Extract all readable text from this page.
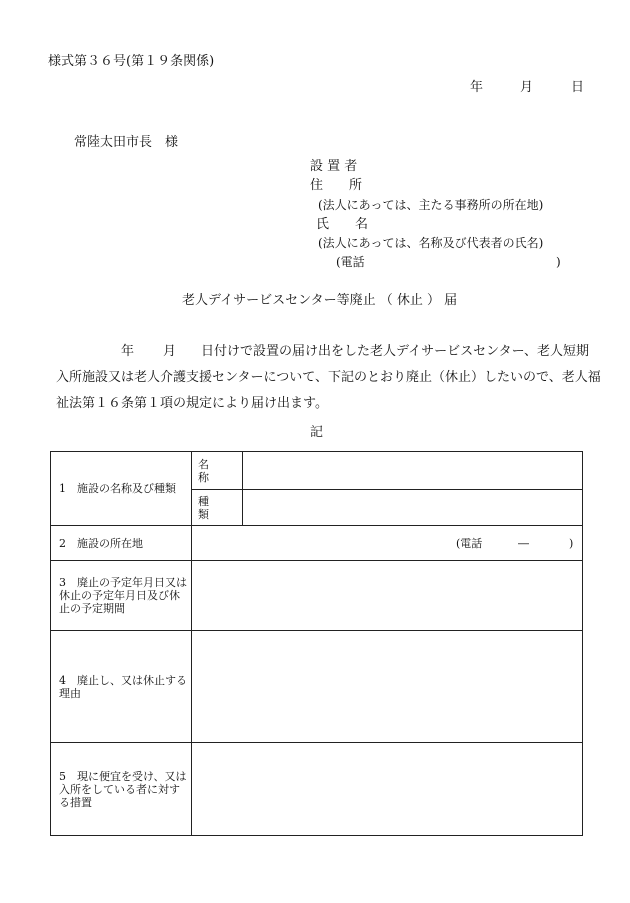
様式第３６号(第１９条関係)
年	月	日
常陸太田市長　様
設 置 者
住　　所
(法人にあっては、主たる事務所の所在地)
氏　　名
(法人にあっては、名称及び代表者の氏名)
(電話	)
老人デイサービスセンター等廃止 （ 休止 ） 届
年 月 日付けで設置の届け出をした老人デイサービスセンター、老人短期
入所施設又は老人介護支援センターについて、下記のとおり廃止（休止）したいので、老人福
祉法第１６条第１項の規定により届け出ます。
記
1　施設の名称及び種類	名 称	
	種 類	
2　施設の所在地	(電話 ― )	

3　廃止の予定年月日又は休止の予定年月日及び休止の予定期間		
4　廃止し、又は休止する理由		
5　現に便宜を受け、又は入所をしている者に対する措置		
